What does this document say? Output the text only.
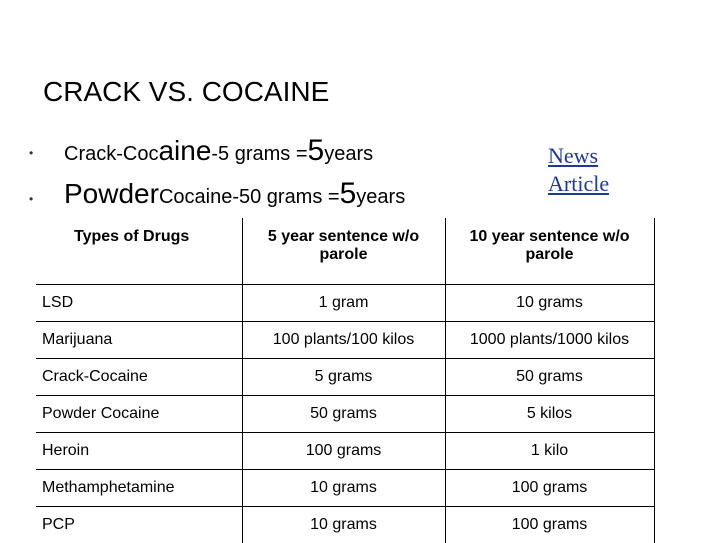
CRACK VS. COCAINE
• Crack-Cocaine-5 grams =5years
• PowderCocaine-50 grams =5years
News
Article
Types of Drugs	5 year sentence w/o parole	10 year sentence w/o parole
LSD	1 gram	10 grams
Marijuana	100 plants/100 kilos	1000 plants/1000 kilos
Crack-Cocaine	5 grams	50 grams
Powder Cocaine	50 grams	5 kilos
Heroin	100 grams	1 kilo
Methamphetamine	10 grams	100 grams
PCP	10 grams	100 grams
